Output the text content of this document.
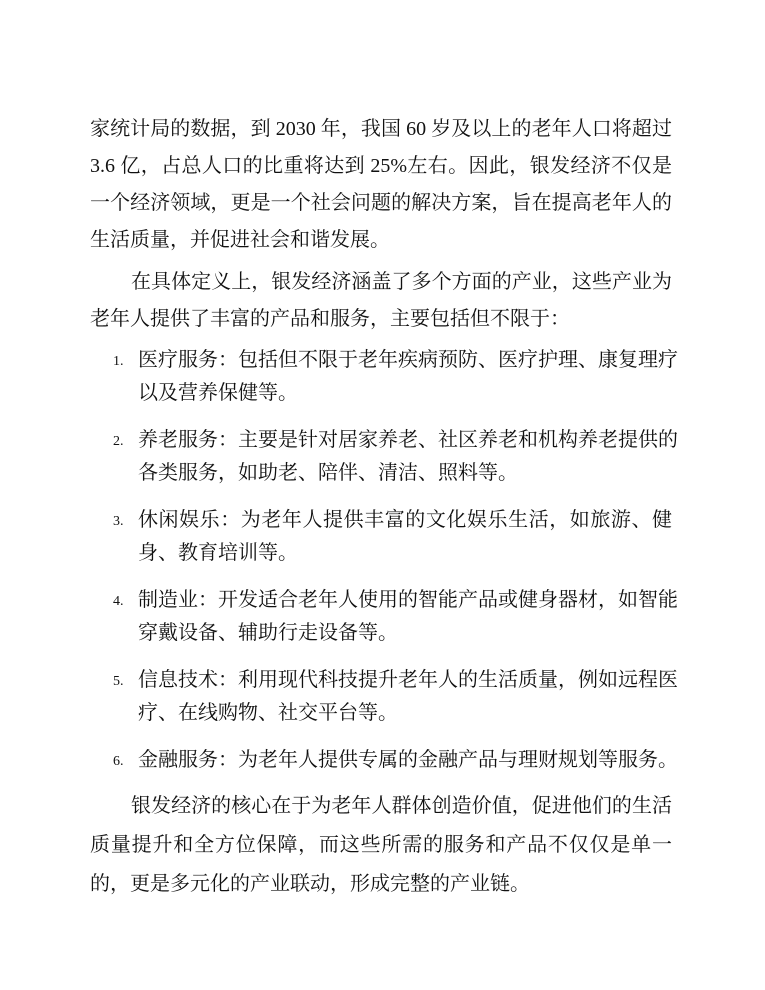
家统计局的数据，到 2030 年，我国 60 岁及以上的老年人口将超过
3.6 亿，占总人口的比重将达到 25%左右。因此，银发经济不仅是
一个经济领域，更是一个社会问题的解决方案，旨在提高老年人的
生活质量，并促进社会和谐发展。
在具体定义上，银发经济涵盖了多个方面的产业，这些产业为
老年人提供了丰富的产品和服务，主要包括但不限于：
1. 医疗服务：包括但不限于老年疾病预防、医疗护理、康复理疗
以及营养保健等。
2. 养老服务：主要是针对居家养老、社区养老和机构养老提供的
各类服务，如助老、陪伴、清洁、照料等。
3. 休闲娱乐：为老年人提供丰富的文化娱乐生活，如旅游、健
身、教育培训等。
4. 制造业：开发适合老年人使用的智能产品或健身器材，如智能
穿戴设备、辅助行走设备等。
5. 信息技术：利用现代科技提升老年人的生活质量，例如远程医
疗、在线购物、社交平台等。
6. 金融服务：为老年人提供专属的金融产品与理财规划等服务。
银发经济的核心在于为老年人群体创造价值，促进他们的生活
质量提升和全方位保障，而这些所需的服务和产品不仅仅是单一
的，更是多元化的产业联动，形成完整的产业链。
